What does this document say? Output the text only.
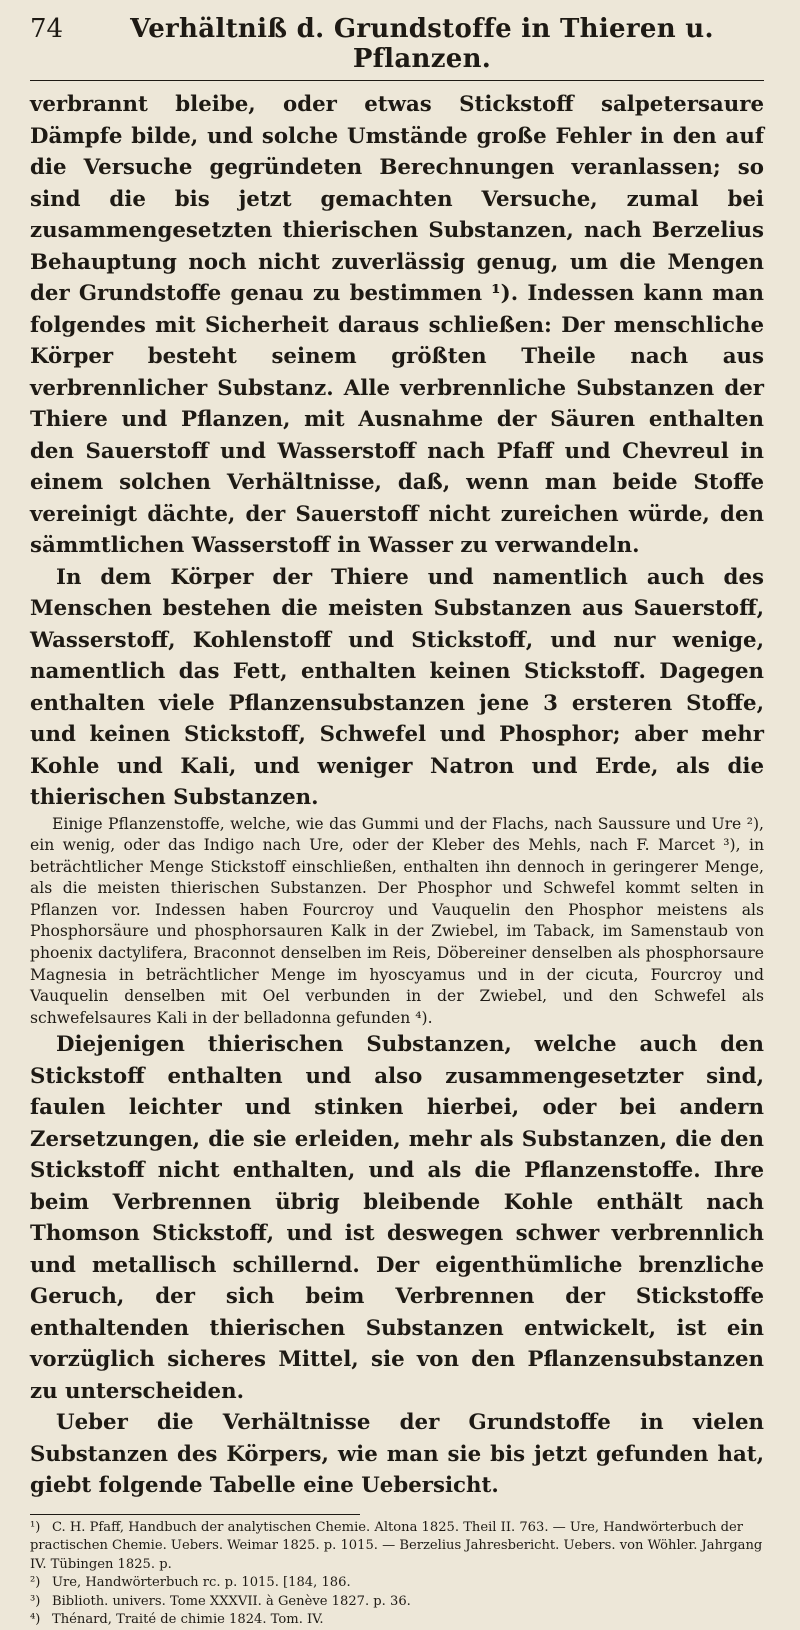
74	Verhältniß d. Grundstoffe in Thieren u. Pflanzen.

verbrannt bleibe, oder etwas Stickstoff salpetersaure Dämpfe bilde, und solche Umstände große Fehler in den auf die Versuche gegründeten Berechnungen veranlassen; so sind die bis jetzt gemachten Versuche, zumal bei zusammengesetzten thierischen Substanzen, nach Berzelius Behauptung noch nicht zuverlässig genug, um die Mengen der Grundstoffe genau zu bestimmen ¹). Indessen kann man folgendes mit Sicherheit daraus schließen: Der menschliche Körper besteht seinem größten Theile nach aus verbrennlicher Substanz. Alle verbrennliche Substanzen der Thiere und Pflanzen, mit Ausnahme der Säuren enthalten den Sauerstoff und Wasserstoff nach Pfaff und Chevreul in einem solchen Verhältnisse, daß, wenn man beide Stoffe vereinigt dächte, der Sauerstoff nicht zureichen würde, den sämmtlichen Wasserstoff in Wasser zu verwandeln.

In dem Körper der Thiere und namentlich auch des Menschen bestehen die meisten Substanzen aus Sauerstoff, Wasserstoff, Kohlenstoff und Stickstoff, und nur wenige, namentlich das Fett, enthalten keinen Stickstoff. Dagegen enthalten viele Pflanzensubstanzen jene 3 ersteren Stoffe, und keinen Stickstoff, Schwefel und Phosphor; aber mehr Kohle und Kali, und weniger Natron und Erde, als die thierischen Substanzen.

Einige Pflanzenstoffe, welche, wie das Gummi und der Flachs, nach Saussure und Ure ²), ein wenig, oder das Indigo nach Ure, oder der Kleber des Mehls, nach F. Marcet ³), in beträchtlicher Menge Stickstoff einschließen, enthalten ihn dennoch in geringerer Menge, als die meisten thierischen Substanzen. Der Phosphor und Schwefel kommt selten in Pflanzen vor. Indessen haben Fourcroy und Vauquelin den Phosphor meistens als Phosphorsäure und phosphorsauren Kalk in der Zwiebel, im Taback, im Samenstaub von phoenix dactylifera, Braconnot denselben im Reis, Döbereiner denselben als phosphorsaure Magnesia in beträchtlicher Menge im hyoscyamus und in der cicuta, Fourcroy und Vauquelin denselben mit Oel verbunden in der Zwiebel, und den Schwefel als schwefelsaures Kali in der belladonna gefunden ⁴).

Diejenigen thierischen Substanzen, welche auch den Stickstoff enthalten und also zusammengesetzter sind, faulen leichter und stinken hierbei, oder bei andern Zersetzungen, die sie erleiden, mehr als Substanzen, die den Stickstoff nicht enthalten, und als die Pflanzenstoffe. Ihre beim Verbrennen übrig bleibende Kohle enthält nach Thomson Stickstoff, und ist deswegen schwer verbrennlich und metallisch schillernd. Der eigenthümliche brenzliche Geruch, der sich beim Verbrennen der Stickstoffe enthaltenden thierischen Substanzen entwickelt, ist ein vorzüglich sicheres Mittel, sie von den Pflanzensubstanzen zu unterscheiden.

Ueber die Verhältnisse der Grundstoffe in vielen Substanzen des Körpers, wie man sie bis jetzt gefunden hat, giebt folgende Tabelle eine Uebersicht.

¹) C. H. Pfaff, Handbuch der analytischen Chemie. Altona 1825. Theil II. 763. — Ure, Handwörterbuch der practischen Chemie. Uebers. Weimar 1825. p. 1015. — Berzelius Jahresbericht. Uebers. von Wöhler. Jahrgang IV. Tübingen 1825. p.

²) Ure, Handwörterbuch rc. p. 1015. [184, 186.

³) Biblioth. univers. Tome XXXVII. à Genève 1827. p. 36.

⁴) Thénard, Traité de chimie 1824. Tom. IV.
